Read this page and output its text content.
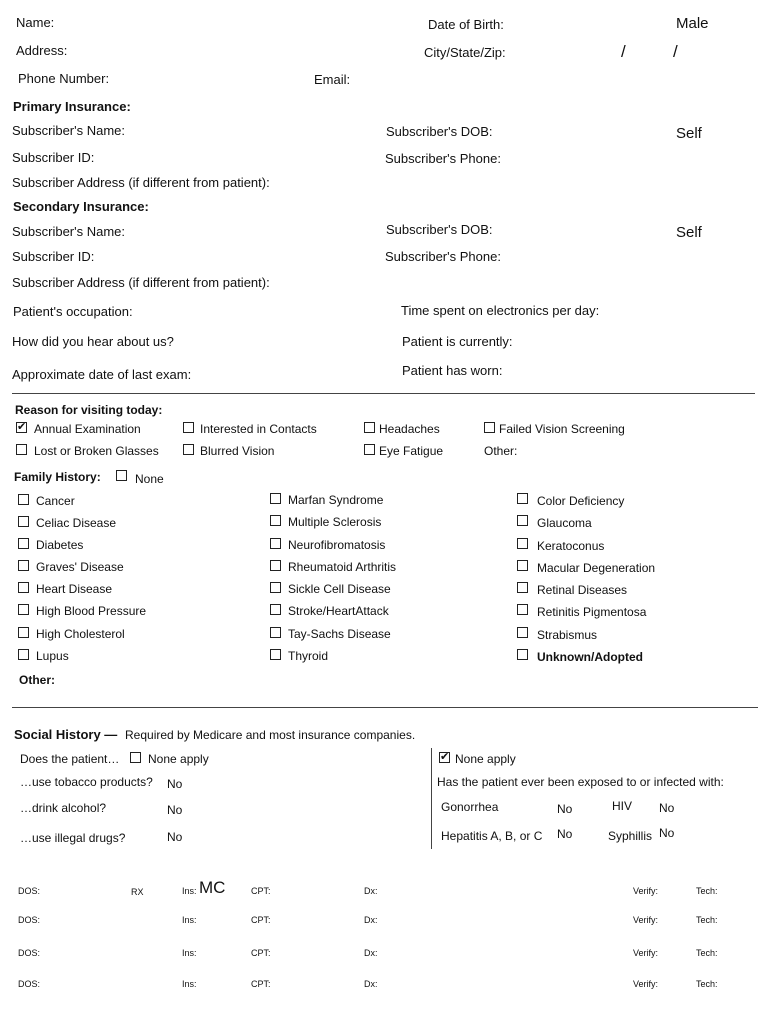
Name:	Date of Birth:	Male
Address:	City/State/Zip:	/	/
Phone Number:	Email:
Primary Insurance:
Subscriber's Name:	Subscriber's DOB:	Self
Subscriber ID:	Subscriber's Phone:
Subscriber Address (if different from patient):
Secondary Insurance:
Subscriber's Name:	Subscriber's DOB:	Self
Subscriber ID:	Subscriber's Phone:
Subscriber Address (if different from patient):
Patient's occupation:	Time spent on electronics per day:
How did you hear about us?	Patient is currently:
Approximate date of last exam:	Patient has worn:
Reason for visiting today:
✔
Annual Examination	Interested in Contacts	Headaches	Failed Vision Screening
Lost or Broken Glasses	Blurred Vision	Eye Fatigue	Other:
Family History:	None
Cancer
Celiac Disease
Diabetes
Graves' Disease
Heart Disease
High Blood Pressure
High Cholesterol
Lupus
Marfan Syndrome
Multiple Sclerosis
Neurofibromatosis
Rheumatoid Arthritis
Sickle Cell Disease
Stroke/HeartAttack
Tay-Sachs Disease
Thyroid
Color Deficiency
Glaucoma
Keratoconus
Macular Degeneration
Retinal Diseases
Retinitis Pigmentosa
Strabismus
Unknown/Adopted
Other:
Social History — Required by Medicare and most insurance companies.
Does the patient… None apply
✔	None apply
…use tobacco products? No	Has the patient ever been exposed to or infected with:
…drink alcohol?	No	Gonorrhea	No	HIV No
…use illegal drugs?	No	Hepatitis A, B, or C No	Syphillis No
DOS:	RX	Ins: MC	CPT:	Dx:	Verify:	Tech:
DOS:	Ins:	CPT:	Dx:	Verify:	Tech:
DOS:	Ins:	CPT:	Dx:	Verify:	Tech:
DOS:	Ins:	CPT:	Dx:	Verify:	Tech:
